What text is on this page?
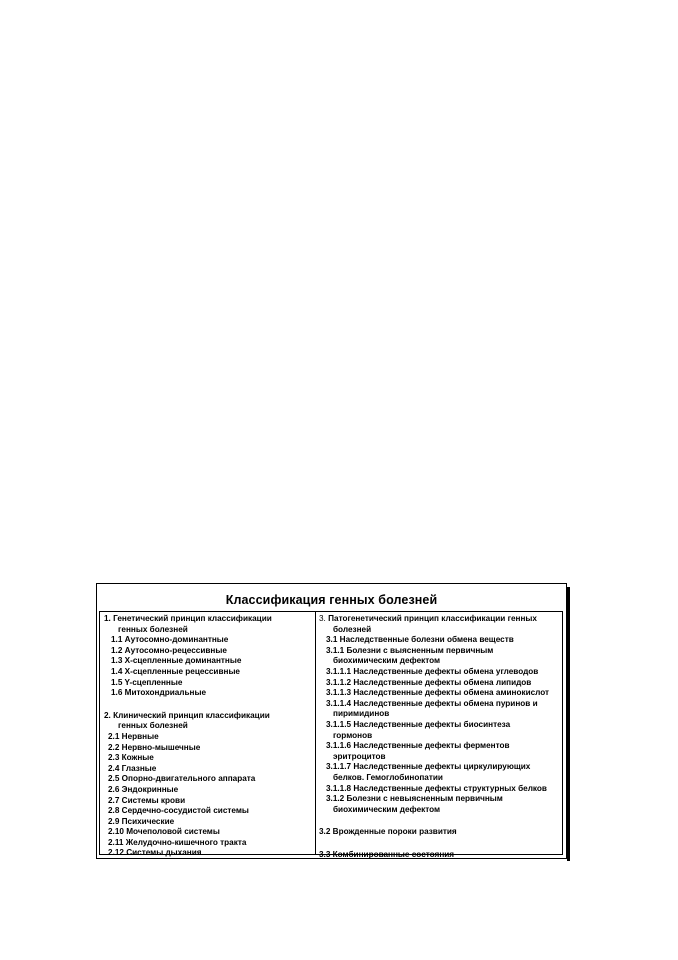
Классификация генных болезней
1. Генетический принцип классификации
генных болезней
1.1 Аутосомно-доминантные
1.2 Аутосомно-рецессивные
1.3 Х-сцепленные доминантные
1.4 Х-сцепленные рецессивные
1.5 Y-сцепленные
1.6 Митохондриальные
2. Клинический принцип классификации
генных болезней
2.1 Нервные
2.2 Нервно-мышечные
2.3 Кожные
2.4 Глазные
2.5 Опорно-двигательного аппарата
2.6 Эндокринные
2.7 Системы крови
2.8 Сердечно-сосудистой системы
2.9 Психические
2.10 Мочеполовой системы
2.11 Желудочно-кишечного тракта
2.12 Системы дыхания
3. Патогенетический принцип классификации генных
болезней
3.1 Наследственные болезни обмена веществ
3.1.1 Болезни с выясненным первичным
биохимическим дефектом
3.1.1.1 Наследственные дефекты обмена углеводов
3.1.1.2 Наследственные дефекты обмена липидов
3.1.1.3 Наследственные дефекты обмена аминокислот
3.1.1.4 Наследственные дефекты обмена пуринов и
пиримидинов
3.1.1.5 Наследственные дефекты биосинтеза
гормонов
3.1.1.6 Наследственные дефекты ферментов
эритроцитов
3.1.1.7 Наследственные дефекты циркулирующих
белков. Гемоглобинопатии
3.1.1.8 Наследственные дефекты структурных белков
3.1.2 Болезни с невыясненным первичным
биохимическим дефектом
3.2 Врожденные пороки развития
3.3 Комбинированные состояния
